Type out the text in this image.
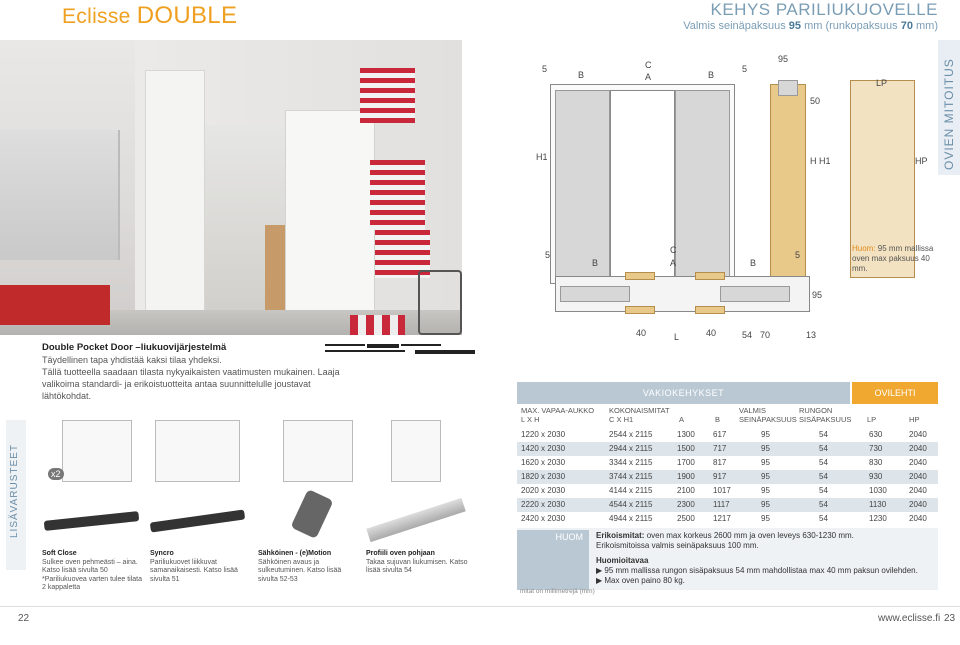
Eclisse DOUBLE	KEHYS PARILIUKUOVELLE
Valmis seinäpaksuus 95 mm (runkopaksuus 70 mm)
OVIEN MITOITUS
Double Pocket Door –liukuovijärjestelmä
Täydellinen tapa yhdistää kaksi tilaa yhdeksi.
Tällä tuotteella saadaan tilasta nykyaikaisten vaatimusten mukainen. Laaja valikoima standardi- ja erikoistuotteita antaa suunnittelulle joustavat lähtökohdat.
5
B
C
A	B
5
95
H1
50
H H1
LP
HP
5
B
C
A	B
5
95
40	L	40	54 70	13
Huom: 95 mm mallissa oven max paksuus 40 mm.
VAKIOKEHYKSET	OVILEHTI
MAX. VAPAA-AUKKO
L X H
KOKONAISMITAT
C X H1	A	B
VALMIS SEINÄPAKSUUS
RUNGON SISÄPAKSUUS	LP	HP
1220 x 2030	2544 x 2115	1300 617	95	54	630	2040
1420 x 2030	2944 x 2115	1500 717	95	54	730	2040
1620 x 2030	3344 x 2115	1700 817	95	54	830	2040
1820 x 2030	3744 x 2115	1900 917	95	54	930	2040
2020 x 2030	4144 x 2115	2100 1017	95	54	1030	2040
2220 x 2030	4544 x 2115	2300 1117	95	54	1130	2040
2420 x 2030	4944 x 2115	2500 1217	95	54	1230	2040
HUOM	Erikoismitat: oven max korkeus 2600 mm ja oven leveys 630-1230 mm.
Erikoismitoissa valmis seinäpaksuus 100 mm.
Huomioitavaa
▶ 95 mm mallissa rungon sisäpaksuus 54 mm mahdollistaa max 40 mm paksun ovilehden.
▶ Max oven paino 80 kg.
mitat on millimetrejä (mm)
LISÄVARUSTEET	x2
Soft Close
Sulkee oven pehmeästi – aina. Katso lisää sivulta 50
*Pariliukuovea varten tulee tilata 2 kappaletta
Syncro
Pariliukuovet liikkuvat samanaikaisesti. Katso lisää sivulta 51
Sähköinen - (e)Motion
Sähköinen avaus ja sulkeutuminen. Katso lisää sivulta 52-53
Profiili oven pohjaan
Takaa sujuvan liukumisen. Katso lisää sivulta 54
22	www.eclisse.fi 23
